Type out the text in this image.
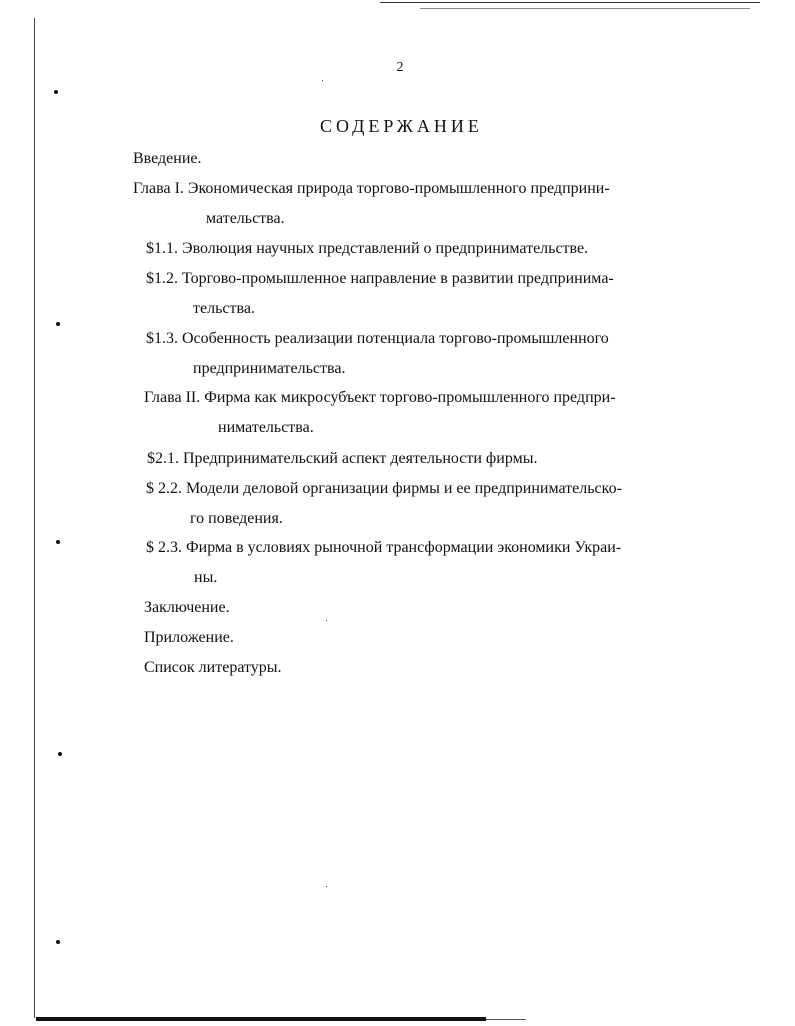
2
СОДЕРЖАНИЕ
Введение.
Глава I. Экономическая природа торгово-промышленного предприни-
мательства.
$1.1. Эволюция научных представлений о предпринимательстве.
$1.2. Торгово-промышленное направление в развитии предпринима-
тельства.
$1.3. Особенность реализации потенциала торгово-промышленного
предпринимательства.
Глава II. Фирма как микросубъект торгово-промышленного предпри-
нимательства.
$2.1. Предпринимательский аспект деятельности фирмы.
$ 2.2. Модели деловой организации фирмы и ее предпринимательско-
го поведения.
$ 2.3. Фирма в условиях рыночной трансформации экономики Украи-
ны.
Заключение.
Приложение.
Список литературы.
